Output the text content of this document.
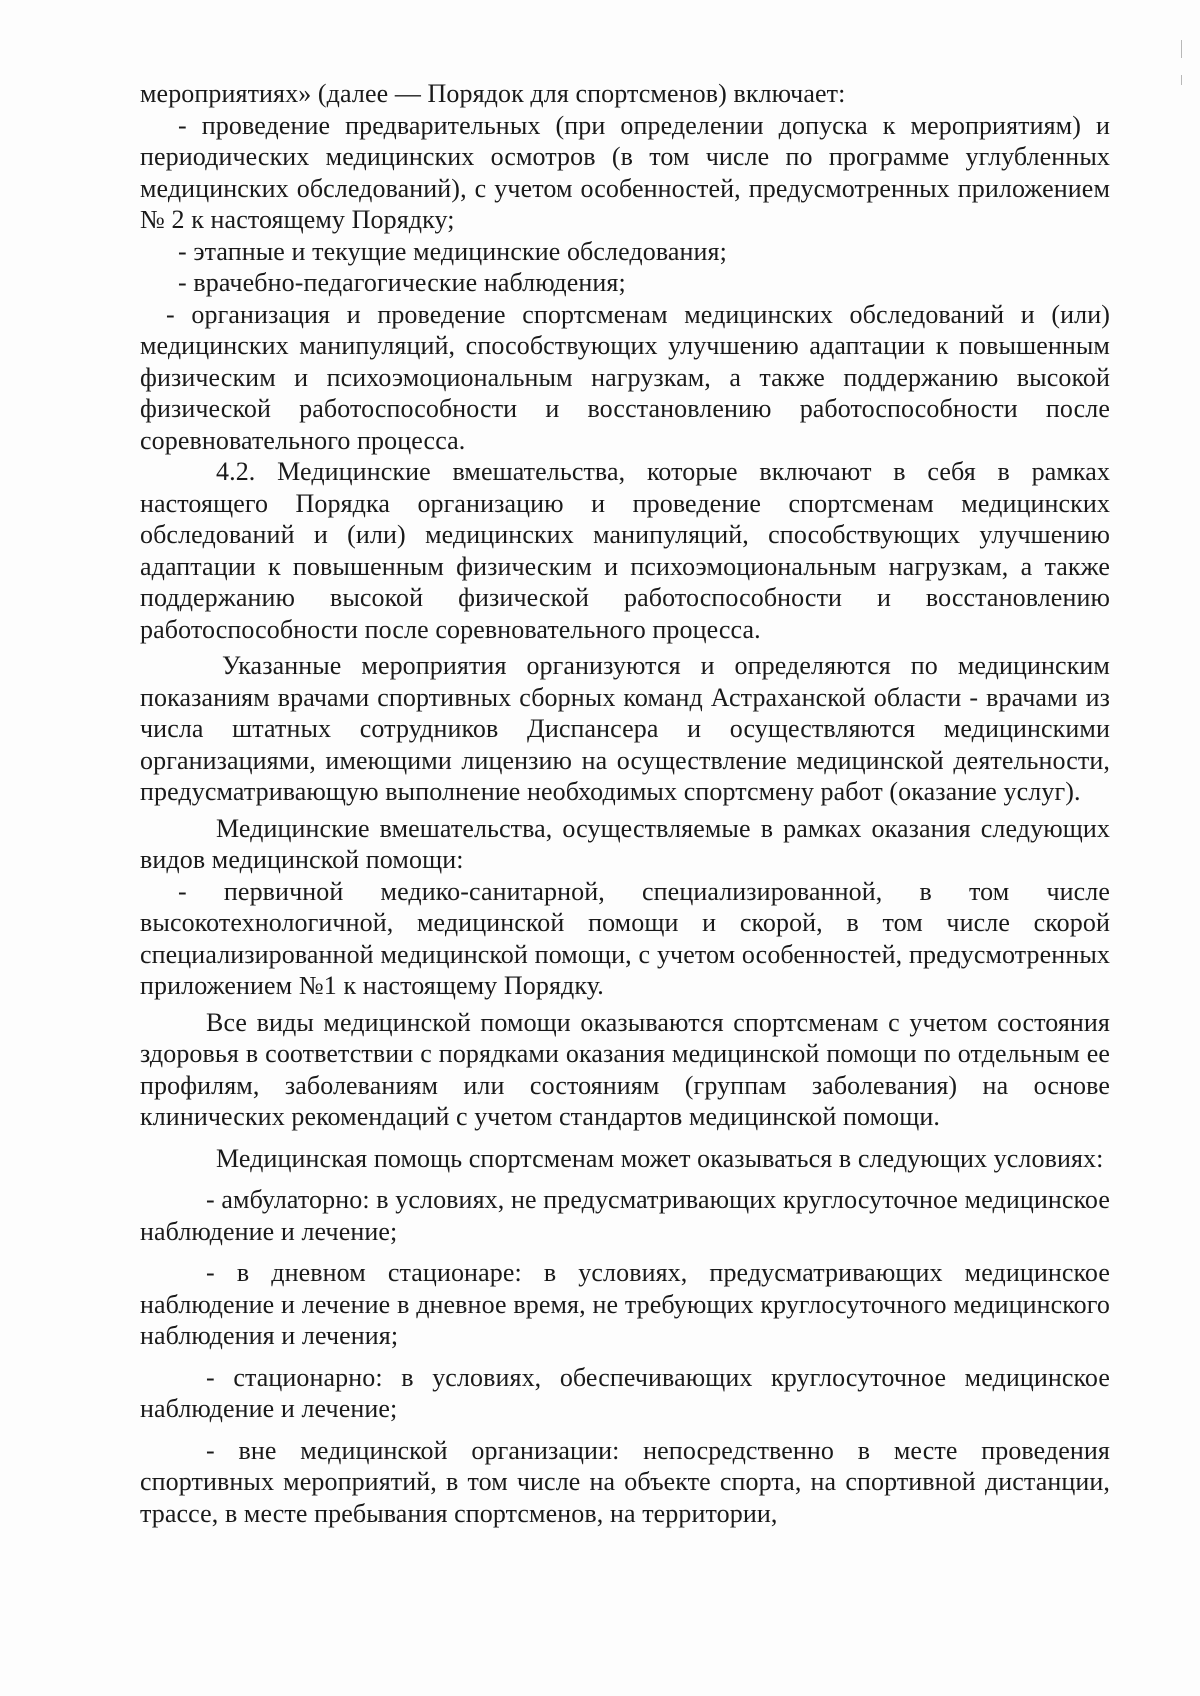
мероприятиях» (далее — Порядок для спортсменов) включает:

- проведение предварительных (при определении допуска к мероприятиям) и периодических медицинских осмотров (в том числе по программе углубленных медицинских обследований), с учетом особенностей, предусмотренных приложением № 2 к настоящему Порядку;

- этапные и текущие медицинские обследования;

- врачебно-педагогические наблюдения;

- организация и проведение спортсменам медицинских обследований и (или) медицинских манипуляций, способствующих улучшению адаптации к повышенным физическим и психоэмоциональным нагрузкам, а также поддержанию высокой физической работоспособности и восстановлению работоспособности после соревновательного процесса.

4.2. Медицинские вмешательства, которые включают в себя в рамках настоящего Порядка организацию и проведение спортсменам медицинских обследований и (или) медицинских манипуляций, способствующих улучшению адаптации к повышенным физическим и психоэмоциональным нагрузкам, а также поддержанию высокой физической работоспособности и восстановлению работоспособности после соревновательного процесса.

Указанные мероприятия организуются и определяются по медицинским показаниям врачами спортивных сборных команд Астраханской области - врачами из числа штатных сотрудников Диспансера и осуществляются медицинскими организациями, имеющими лицензию на осуществление медицинской деятельности, предусматривающую выполнение необходимых спортсмену работ (оказание услуг).

Медицинские вмешательства, осуществляемые в рамках оказания следующих видов медицинской помощи:

- первичной медико-санитарной, специализированной, в том числе высокотехнологичной, медицинской помощи и скорой, в том числе скорой специализированной медицинской помощи, с учетом особенностей, предусмотренных приложением №1 к настоящему Порядку.

Все виды медицинской помощи оказываются спортсменам с учетом состояния здоровья в соответствии с порядками оказания медицинской помощи по отдельным ее профилям, заболеваниям или состояниям (группам заболевания) на основе клинических рекомендаций с учетом стандартов медицинской помощи.

Медицинская помощь спортсменам может оказываться в следующих условиях:

- амбулаторно: в условиях, не предусматривающих круглосуточное медицинское наблюдение и лечение;

- в дневном стационаре: в условиях, предусматривающих медицинское наблюдение и лечение в дневное время, не требующих круглосуточного медицинского наблюдения и лечения;

- стационарно: в условиях, обеспечивающих круглосуточное медицинское наблюдение и лечение;

- вне медицинской организации: непосредственно в месте проведения спортивных мероприятий, в том числе на объекте спорта, на спортивной дистанции, трассе, в месте пребывания спортсменов, на территории,
